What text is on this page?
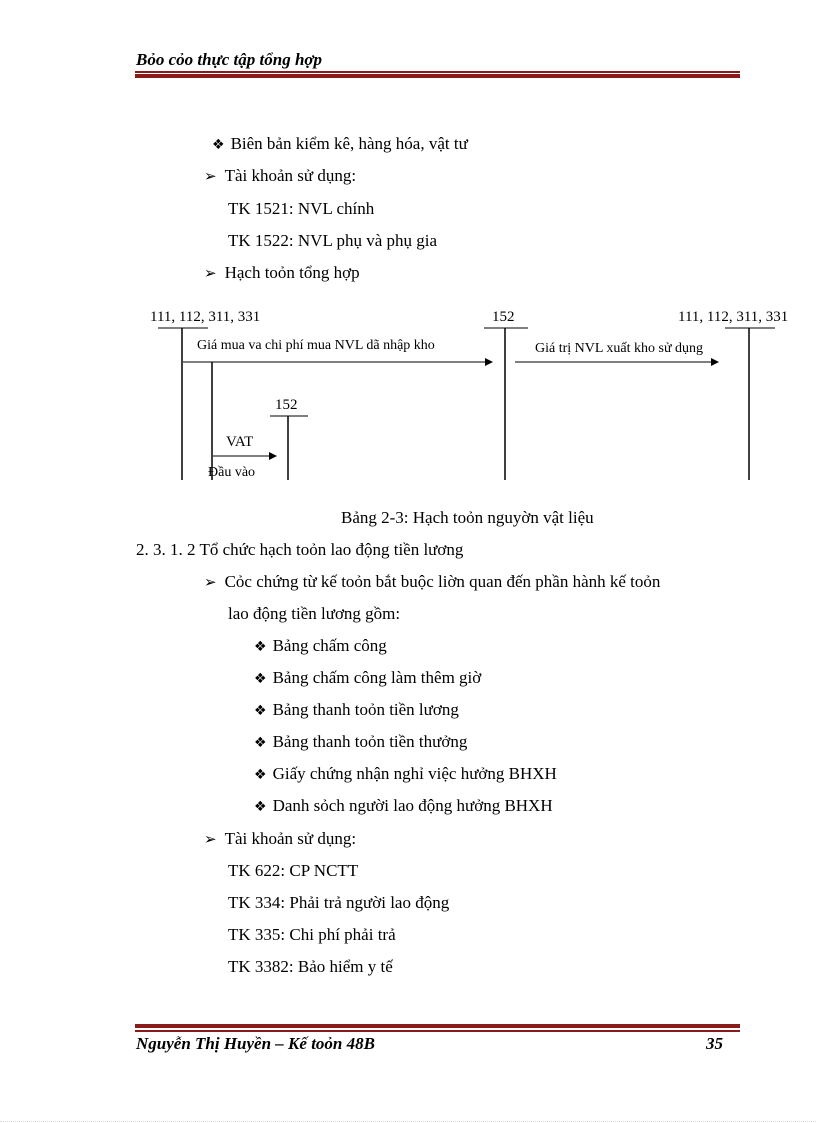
Bỏo cỏo thực tập tổng hợp
❖ Biên bản kiểm kê, hàng hóa, vật tư
➢ Tài khoản sử dụng:
TK 1521: NVL chính
TK 1522: NVL phụ và phụ gia
➢ Hạch toỏn tổng hợp
111, 112, 311, 331	152	111, 112, 311, 331
Giá mua va chi phí mua NVL dã nhập kho	Giá trị NVL xuất kho sử dụng
152
VAT
Đầu vào
Bảng 2-3: Hạch toỏn nguyờn vật liệu
2. 3. 1. 2 Tổ chức hạch toỏn lao động tiền lương
➢ Cỏc chứng từ kế toỏn bắt buộc liờn quan đến phần hành kế toỏn
lao động tiền lương gồm:
❖ Bảng chấm công
❖ Bảng chấm công làm thêm giờ
❖ Bảng thanh toỏn tiền lương
❖ Bảng thanh toỏn tiền thưởng
❖ Giấy chứng nhận nghỉ việc hưởng BHXH
❖ Danh sỏch người lao động hưởng BHXH
➢ Tài khoản sử dụng:
TK 622: CP NCTT
TK 334: Phải trả người lao động
TK 335: Chi phí phải trả
TK 3382: Bảo hiểm y tế
Nguyễn Thị Huyền – Kế toỏn 48B	35
